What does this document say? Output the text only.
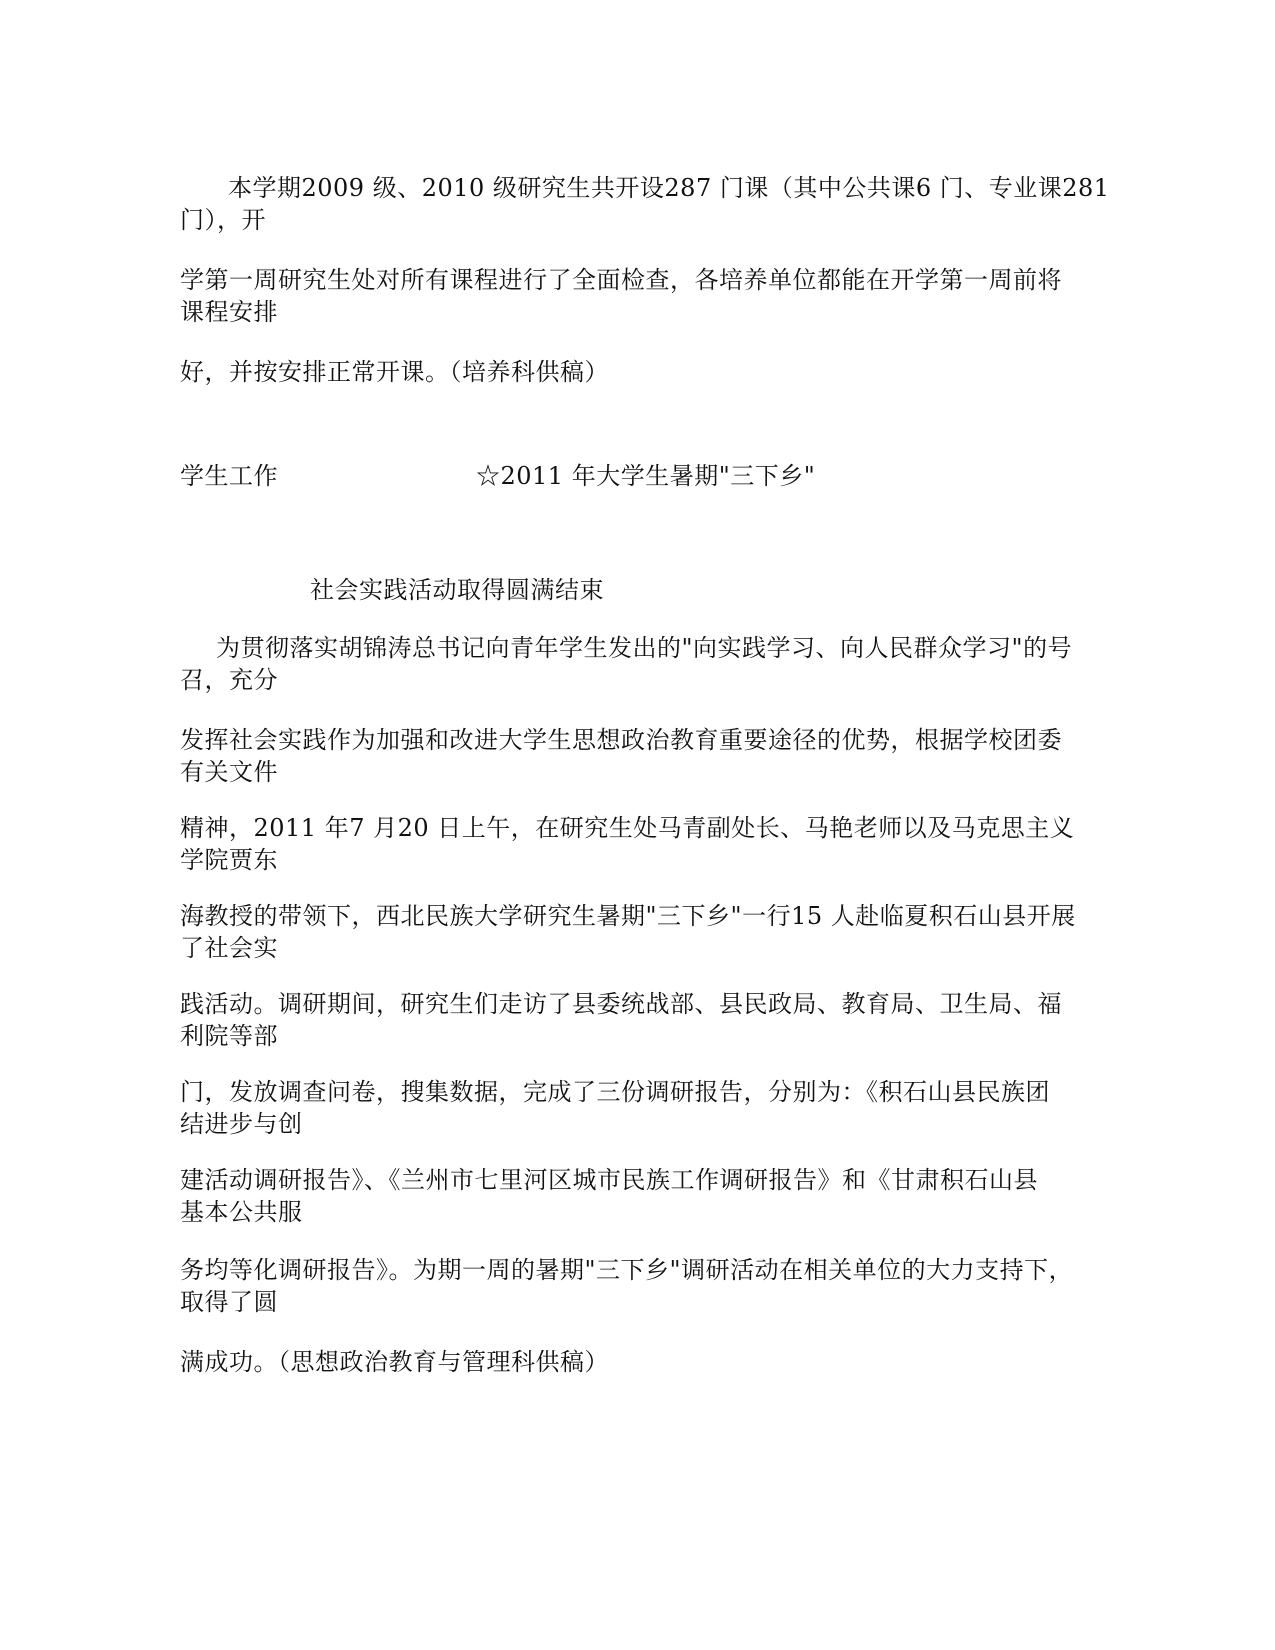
本学期2009 级、2010 级研究生共开设287 门课（其中公共课6 门、专业课281
门），开
学第一周研究生处对所有课程进行了全面检查，各培养单位都能在开学第一周前将
课程安排
好，并按安排正常开课。（培养科供稿）
学生工作	☆2011 年大学生暑期"三下乡"
社会实践活动取得圆满结束
为贯彻落实胡锦涛总书记向青年学生发出的"向实践学习、向人民群众学习"的号
召，充分
发挥社会实践作为加强和改进大学生思想政治教育重要途径的优势，根据学校团委
有关文件
精神，2011 年7 月20 日上午，在研究生处马青副处长、马艳老师以及马克思主义
学院贾东
海教授的带领下，西北民族大学研究生暑期"三下乡"一行15 人赴临夏积石山县开展
了社会实
践活动。调研期间，研究生们走访了县委统战部、县民政局、教育局、卫生局、福
利院等部
门，发放调查问卷，搜集数据，完成了三份调研报告，分别为：《积石山县民族团
结进步与创
建活动调研报告》、《兰州市七里河区城市民族工作调研报告》和《甘肃积石山县
基本公共服
务均等化调研报告》。为期一周的暑期"三下乡"调研活动在相关单位的大力支持下，
取得了圆
满成功。（思想政治教育与管理科供稿）
